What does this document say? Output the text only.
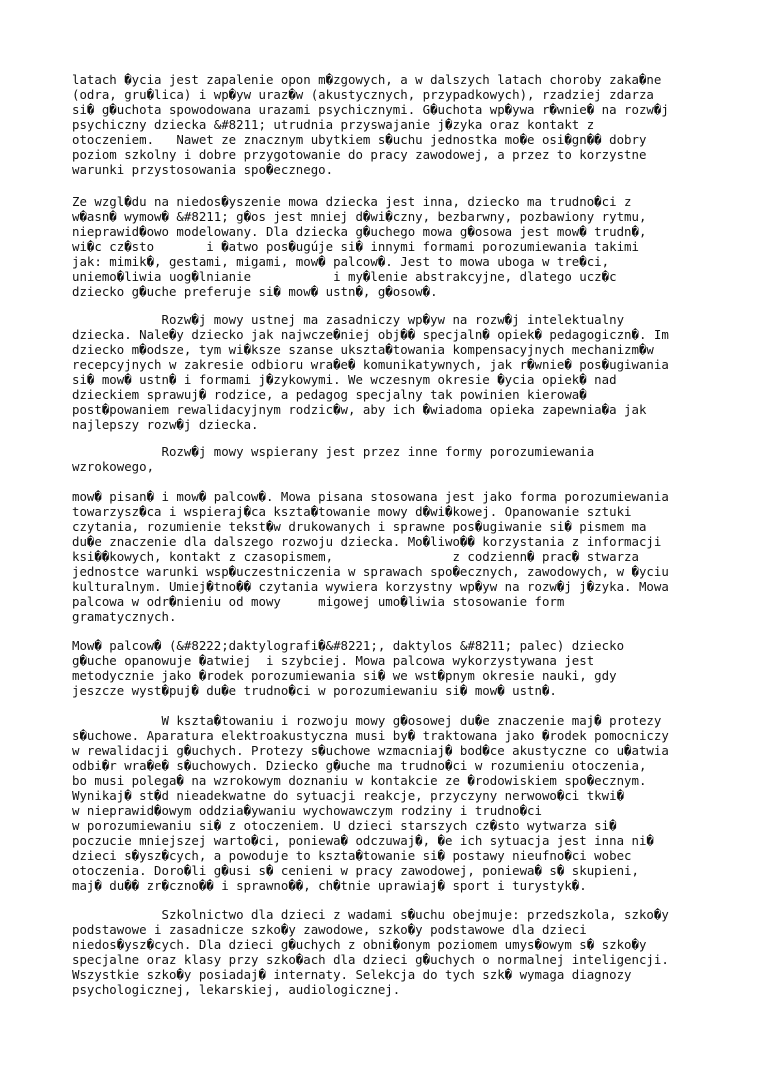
latach �ycia jest zapalenie opon m�zgowych, a w dalszych latach choroby zaka�ne
(odra, gru�lica) i wp�yw uraz�w (akustycznych, przypadkowych), rzadziej zdarza
si� g�uchota spowodowana urazami psychicznymi. G�uchota wp�ywa r�wnie� na rozw�j
psychiczny dziecka &#8211; utrudnia przyswajanie j�zyka oraz kontakt z
otoczeniem.   Nawet ze znacznym ubytkiem s�uchu jednostka mo�e osi�gn�� dobry
poziom szkolny i dobre przygotowanie do pracy zawodowej, a przez to korzystne
warunki przystosowania spo�ecznego.
Ze wzgl�du na niedos�yszenie mowa dziecka jest inna, dziecko ma trudno�ci z
w�asn� wymow� &#8211; g�os jest mniej d�wi�czny, bezbarwny, pozbawiony rytmu,
nieprawid�owo modelowany. Dla dziecka g�uchego mowa g�osowa jest mow� trudn�,
wi�c cz�sto       i �atwo pos�ugúje si� innymi formami porozumiewania takimi
jak: mimik�, gestami, migami, mow� palcow�. Jest to mowa uboga w tre�ci,
uniemo�liwia uog�lnianie           i my�lenie abstrakcyjne, dlatego ucz�c
dziecko g�uche preferuje si� mow� ustn�, g�osow�.
Rozw�j mowy ustnej ma zasadniczy wp�yw na rozw�j intelektualny
dziecka. Nale�y dziecko jak najwcze�niej obj�� specjaln� opiek� pedagogiczn�. Im
dziecko m�odsze, tym wi�ksze szanse ukszta�towania kompensacyjnych mechanizm�w
recepcyjnych w zakresie odbioru wra�e� komunikatywnych, jak r�wnie� pos�ugiwania
si� mow� ustn� i formami j�zykowymi. We wczesnym okresie �ycia opiek� nad
dzieckiem sprawuj� rodzice, a pedagog specjalny tak powinien kierowa�
post�powaniem rewalidacyjnym rodzic�w, aby ich �wiadoma opieka zapewnia�a jak
najlepszy rozw�j dziecka.
Rozw�j mowy wspierany jest przez inne formy porozumiewania
wzrokowego,
mow� pisan� i mow� palcow�. Mowa pisana stosowana jest jako forma porozumiewania
towarzysz�ca i wspieraj�ca kszta�towanie mowy d�wi�kowej. Opanowanie sztuki
czytania, rozumienie tekst�w drukowanych i sprawne pos�ugiwanie si� pismem ma
du�e znaczenie dla dalszego rozwoju dziecka. Mo�liwo�� korzystania z informacji
ksi��kowych, kontakt z czasopismem,                z codzienn� prac� stwarza
jednostce warunki wsp�uczestniczenia w sprawach spo�ecznych, zawodowych, w �yciu
kulturalnym. Umiej�tno�� czytania wywiera korzystny wp�yw na rozw�j j�zyka. Mowa
palcowa w odr�nieniu od mowy     migowej umo�liwia stosowanie form
gramatycznych.
Mow� palcow� (&#8222;daktylografi�&#8221;, daktylos &#8211; palec) dziecko
g�uche opanowuje �atwiej  i szybciej. Mowa palcowa wykorzystywana jest
metodycznie jako �rodek porozumiewania si� we wst�pnym okresie nauki, gdy
jeszcze wyst�puj� du�e trudno�ci w porozumiewaniu si� mow� ustn�.
W kszta�towaniu i rozwoju mowy g�osowej du�e znaczenie maj� protezy
s�uchowe. Aparatura elektroakustyczna musi by� traktowana jako �rodek pomocniczy
w rewalidacji g�uchych. Protezy s�uchowe wzmacniaj� bod�ce akustyczne co u�atwia
odbi�r wra�e� s�uchowych. Dziecko g�uche ma trudno�ci w rozumieniu otoczenia,
bo musi polega� na wzrokowym doznaniu w kontakcie ze �rodowiskiem spo�ecznym.
Wynikaj� st�d nieadekwatne do sytuacji reakcje, przyczyny nerwowo�ci tkwi�
w nieprawid�owym oddzia�ywaniu wychowawczym rodziny i trudno�ci
w porozumiewaniu si� z otoczeniem. U dzieci starszych cz�sto wytwarza si�
poczucie mniejszej warto�ci, poniewa� odczuwaj�, �e ich sytuacja jest inna ni�
dzieci s�ysz�cych, a powoduje to kszta�towanie si� postawy nieufno�ci wobec
otoczenia. Doro�li g�usi s� cenieni w pracy zawodowej, poniewa� s� skupieni,
maj� du�� zr�czno�� i sprawno��, ch�tnie uprawiaj� sport i turystyk�.
Szkolnictwo dla dzieci z wadami s�uchu obejmuje: przedszkola, szko�y
podstawowe i zasadnicze szko�y zawodowe, szko�y podstawowe dla dzieci
niedos�ysz�cych. Dla dzieci g�uchych z obni�onym poziomem umys�owym s� szko�y
specjalne oraz klasy przy szko�ach dla dzieci g�uchych o normalnej inteligencji.
Wszystkie szko�y posiadaj� internaty. Selekcja do tych szk� wymaga diagnozy
psychologicznej, lekarskiej, audiologicznej.
